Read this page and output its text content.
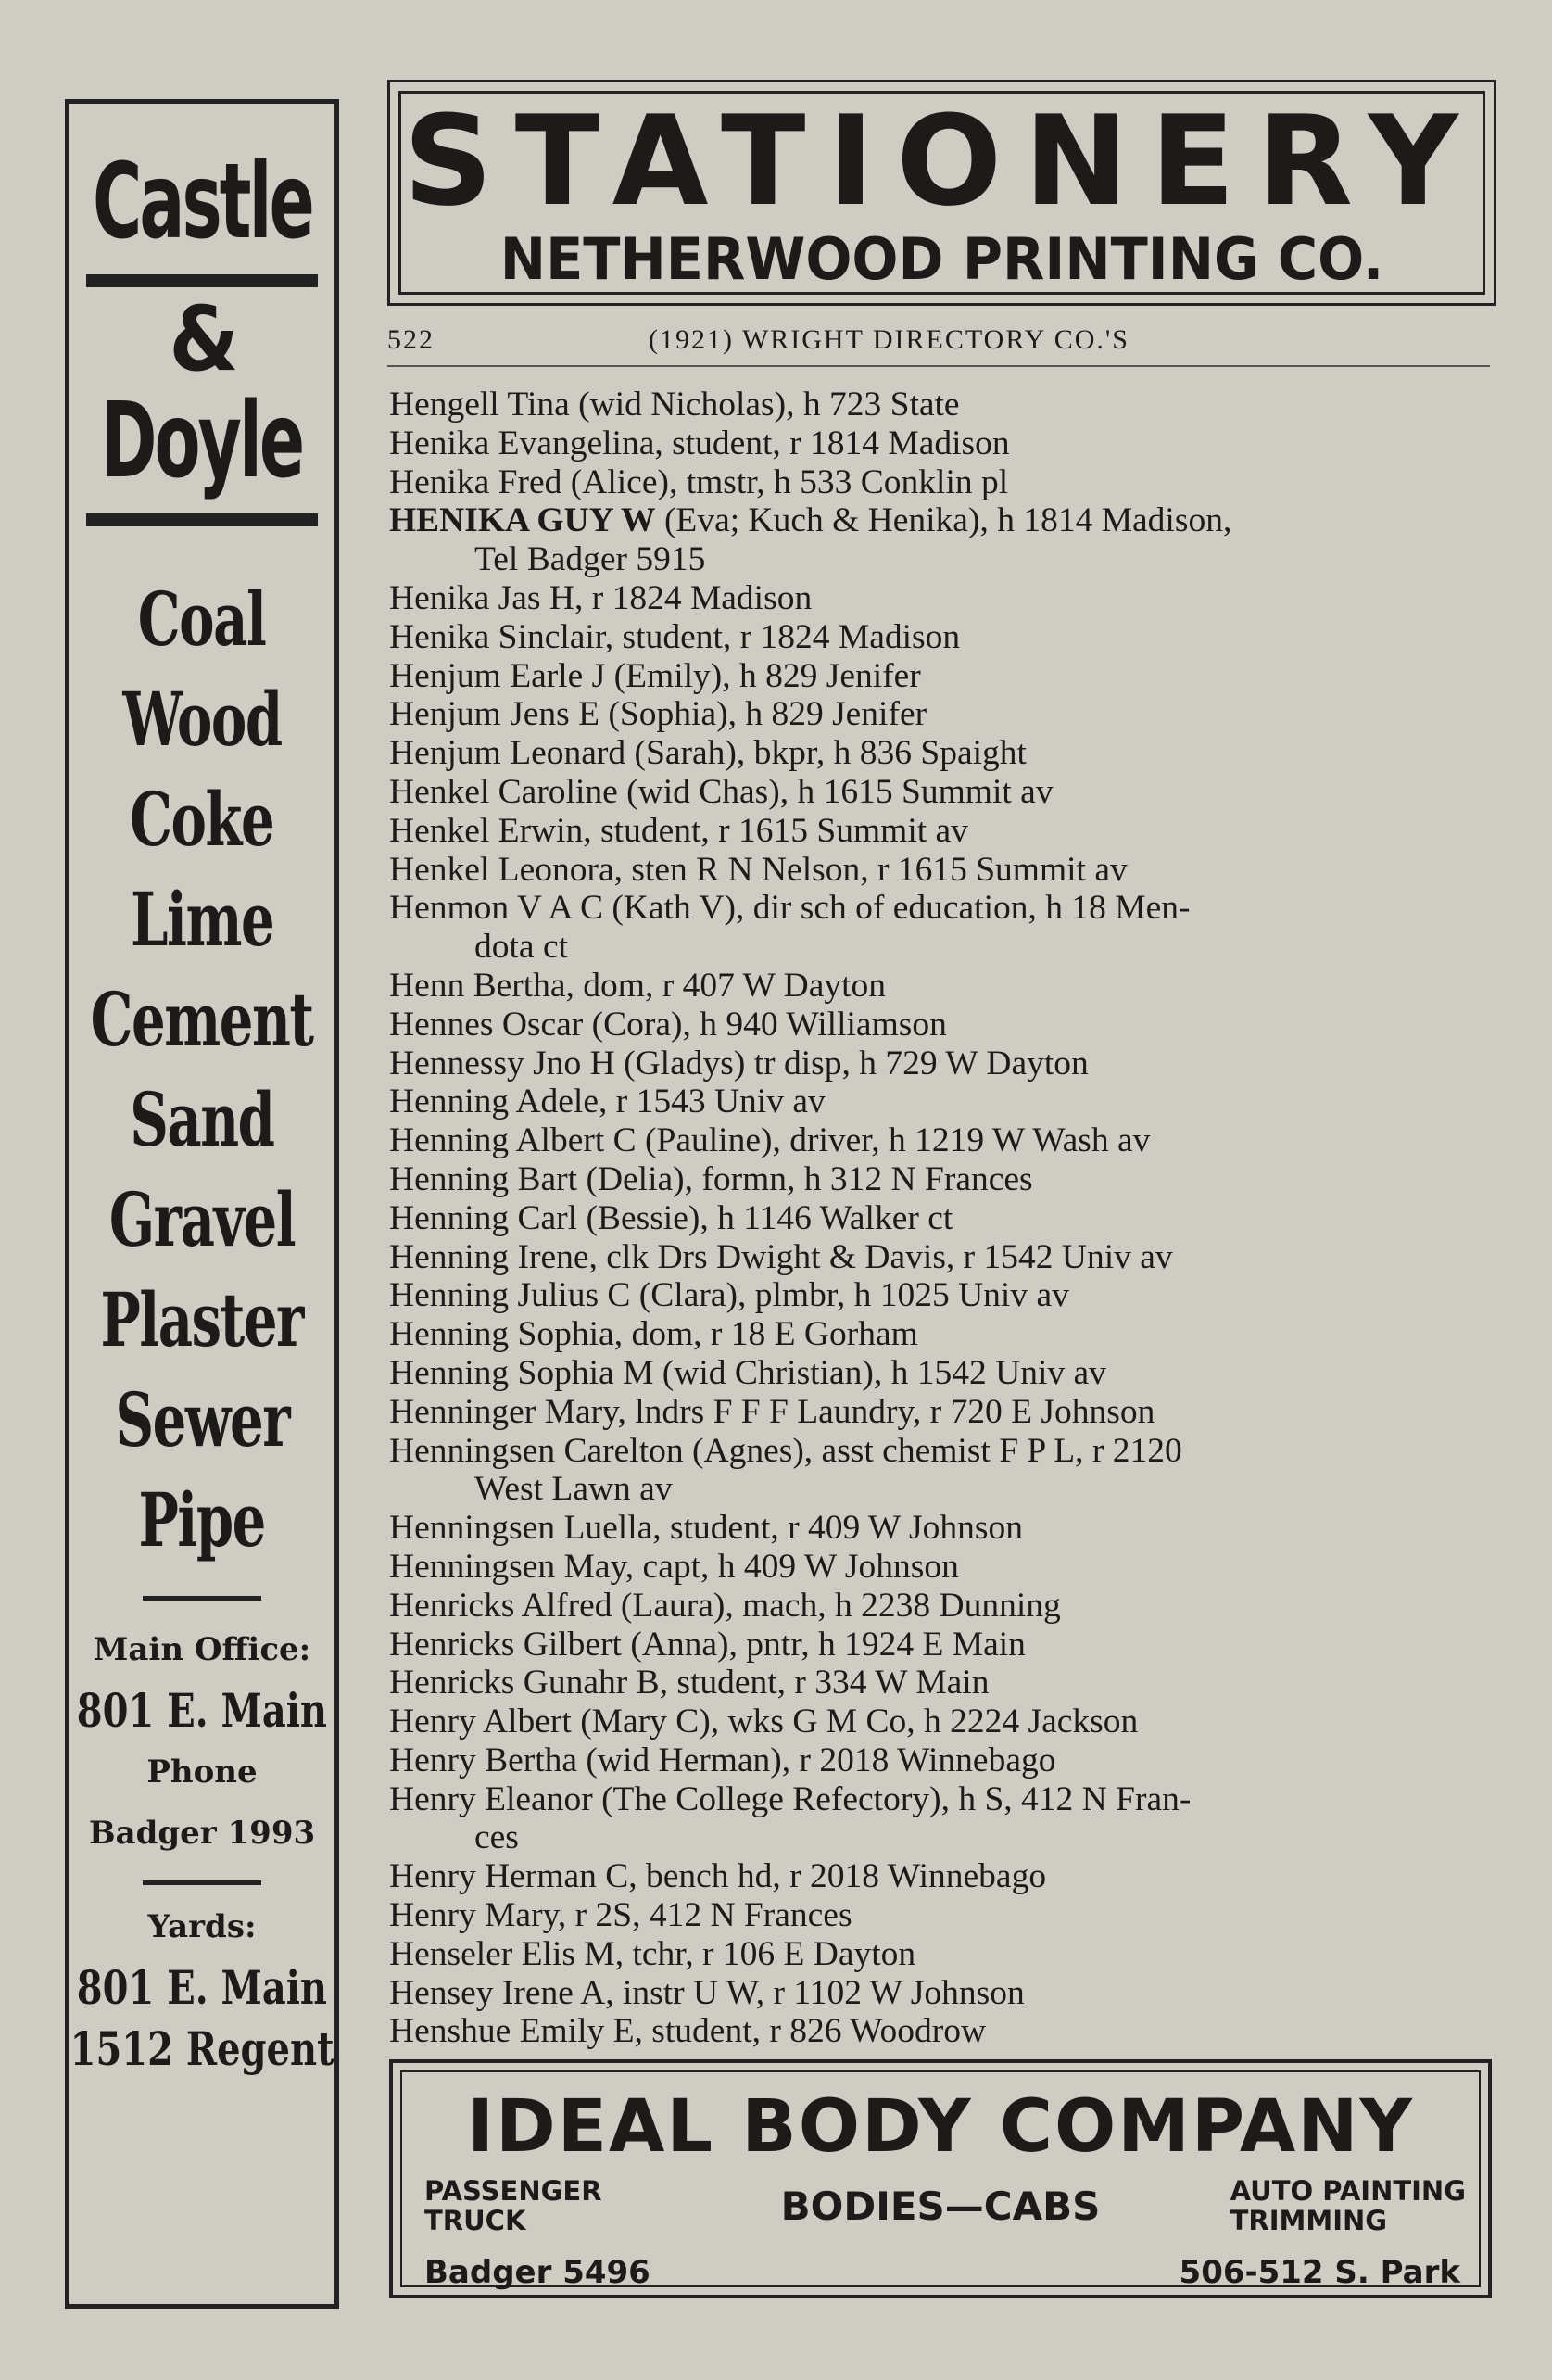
Castle
&
Doyle
Coal
Wood
Coke
Lime
Cement
Sand
Gravel
Plaster
Sewer
Pipe
Main Office:
801 E. Main
Phone
Badger 1993
Yards:
801 E. Main
1512 Regent
STATIONERY
NETHERWOOD PRINTING CO.
522	(1921) WRIGHT DIRECTORY CO.'S

Hengell Tina (wid Nicholas), h 723 State
Henika Evangelina, student, r 1814 Madison
Henika Fred (Alice), tmstr, h 533 Conklin pl
HENIKA GUY W (Eva; Kuch & Henika), h 1814 Madison,
Tel Badger 5915
Henika Jas H, r 1824 Madison
Henika Sinclair, student, r 1824 Madison
Henjum Earle J (Emily), h 829 Jenifer
Henjum Jens E (Sophia), h 829 Jenifer
Henjum Leonard (Sarah), bkpr, h 836 Spaight
Henkel Caroline (wid Chas), h 1615 Summit av
Henkel Erwin, student, r 1615 Summit av
Henkel Leonora, sten R N Nelson, r 1615 Summit av
Henmon V A C (Kath V), dir sch of education, h 18 Men-
dota ct
Henn Bertha, dom, r 407 W Dayton
Hennes Oscar (Cora), h 940 Williamson
Hennessy Jno H (Gladys) tr disp, h 729 W Dayton
Henning Adele, r 1543 Univ av
Henning Albert C (Pauline), driver, h 1219 W Wash av
Henning Bart (Delia), formn, h 312 N Frances
Henning Carl (Bessie), h 1146 Walker ct
Henning Irene, clk Drs Dwight & Davis, r 1542 Univ av
Henning Julius C (Clara), plmbr, h 1025 Univ av
Henning Sophia, dom, r 18 E Gorham
Henning Sophia M (wid Christian), h 1542 Univ av
Henninger Mary, lndrs F F F Laundry, r 720 E Johnson
Henningsen Carelton (Agnes), asst chemist F P L, r 2120
West Lawn av
Henningsen Luella, student, r 409 W Johnson
Henningsen May, capt, h 409 W Johnson
Henricks Alfred (Laura), mach, h 2238 Dunning
Henricks Gilbert (Anna), pntr, h 1924 E Main
Henricks Gunahr B, student, r 334 W Main
Henry Albert (Mary C), wks G M Co, h 2224 Jackson
Henry Bertha (wid Herman), r 2018 Winnebago
Henry Eleanor (The College Refectory), h S, 412 N Fran-
ces
Henry Herman C, bench hd, r 2018 Winnebago
Henry Mary, r 2S, 412 N Frances
Henseler Elis M, tchr, r 106 E Dayton
Hensey Irene A, instr U W, r 1102 W Johnson
Henshue Emily E, student, r 826 Woodrow
IDEAL BODY COMPANY
PASSENGER
TRUCK	BODIES—CABS	AUTO PAINTING
TRIMMING
Badger 5496	506-512 S. Park
